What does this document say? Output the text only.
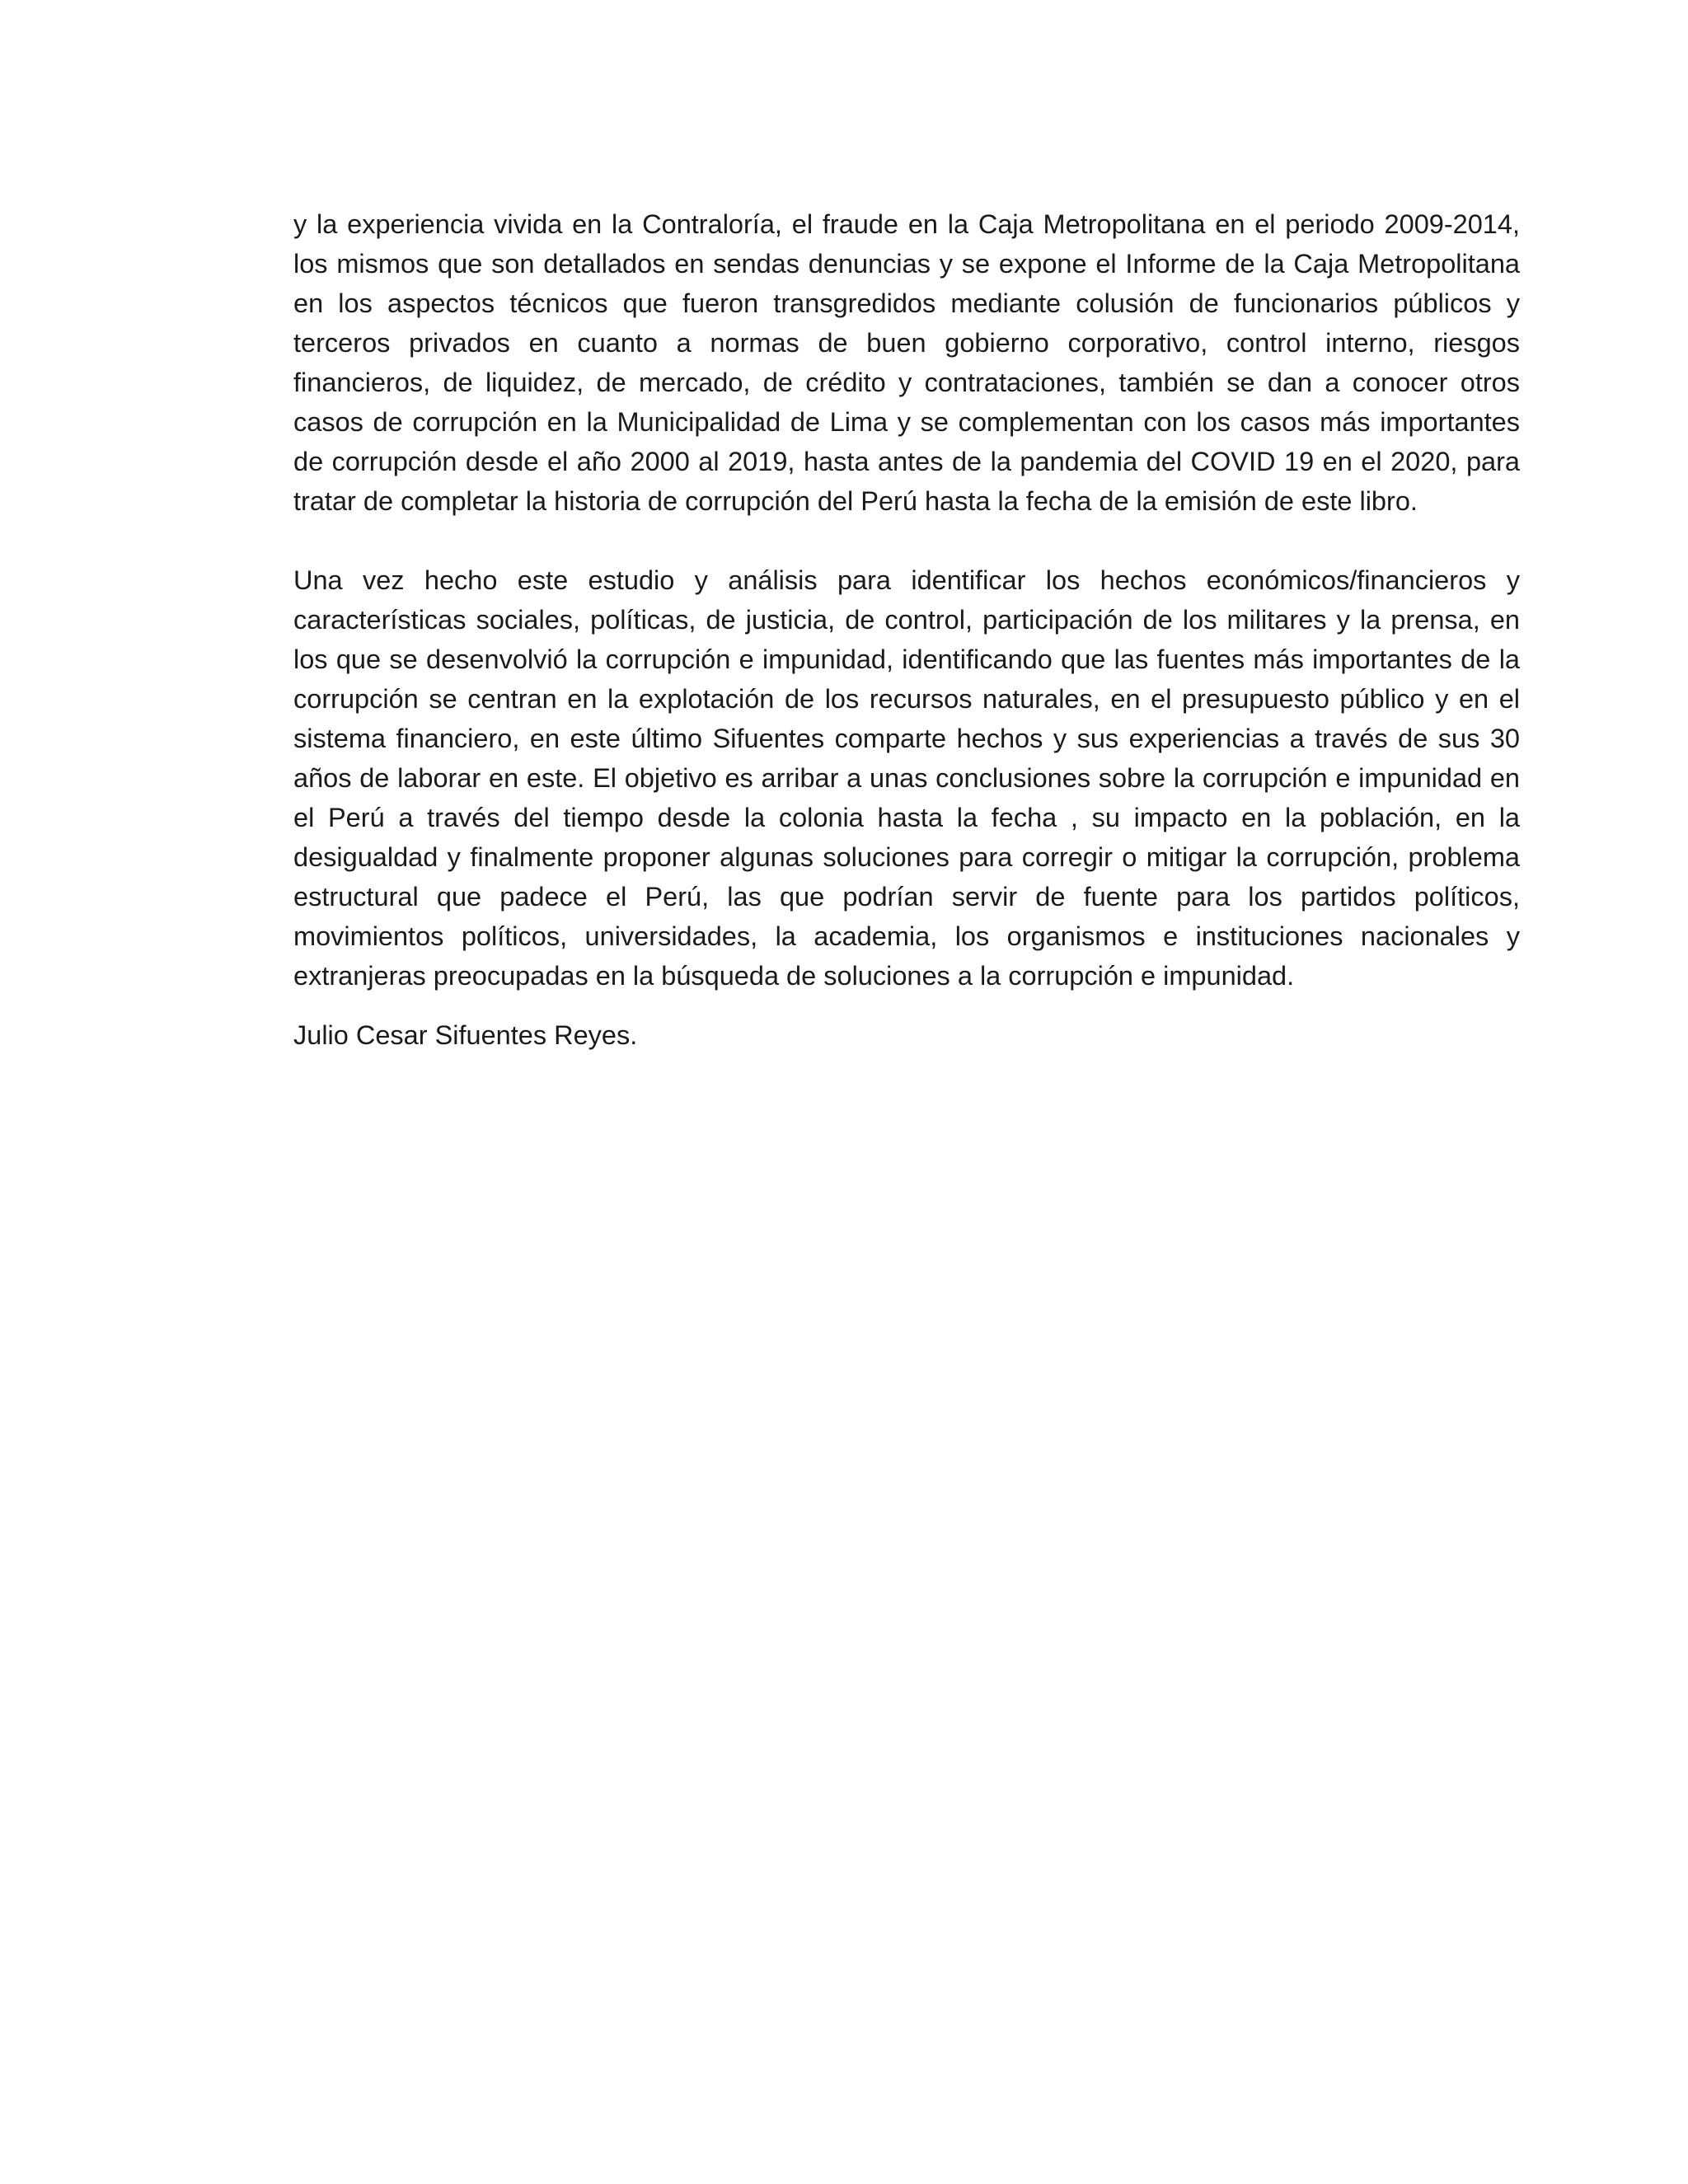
y la experiencia vivida en la Contraloría, el fraude en la Caja Metropolitana en el periodo 2009-2014, los mismos que son detallados en sendas denuncias y se expone el Informe de la Caja Metropolitana en los aspectos técnicos que fueron transgredidos mediante colusión de funcionarios públicos y terceros privados en cuanto a normas de buen gobierno corporativo, control interno, riesgos financieros, de liquidez, de mercado, de crédito y contrataciones, también se dan a conocer otros casos de corrupción en la Municipalidad de Lima y se complementan con los casos más importantes de corrupción desde el año 2000 al 2019, hasta antes de la pandemia del COVID 19 en el 2020, para tratar de completar la historia de corrupción del Perú hasta la fecha de la emisión de este libro.

Una vez hecho este estudio y análisis para identificar los hechos económicos/financieros y características sociales, políticas, de justicia, de control, participación de los militares y la prensa, en los que se desenvolvió la corrupción e impunidad, identificando que las fuentes más importantes de la corrupción se centran en la explotación de los recursos naturales, en el presupuesto público y en el sistema financiero, en este último Sifuentes comparte hechos y sus experiencias a través de sus 30 años de laborar en este. El objetivo es arribar a unas conclusiones sobre la corrupción e impunidad en el Perú a través del tiempo desde la colonia hasta la fecha , su impacto en la población, en la desigualdad y finalmente proponer algunas soluciones para corregir o mitigar la corrupción, problema estructural que padece el Perú, las que podrían servir de fuente para los partidos políticos, movimientos políticos, universidades, la academia, los organismos e instituciones nacionales y extranjeras preocupadas en la búsqueda de soluciones a la corrupción e impunidad.

Julio Cesar Sifuentes Reyes.
